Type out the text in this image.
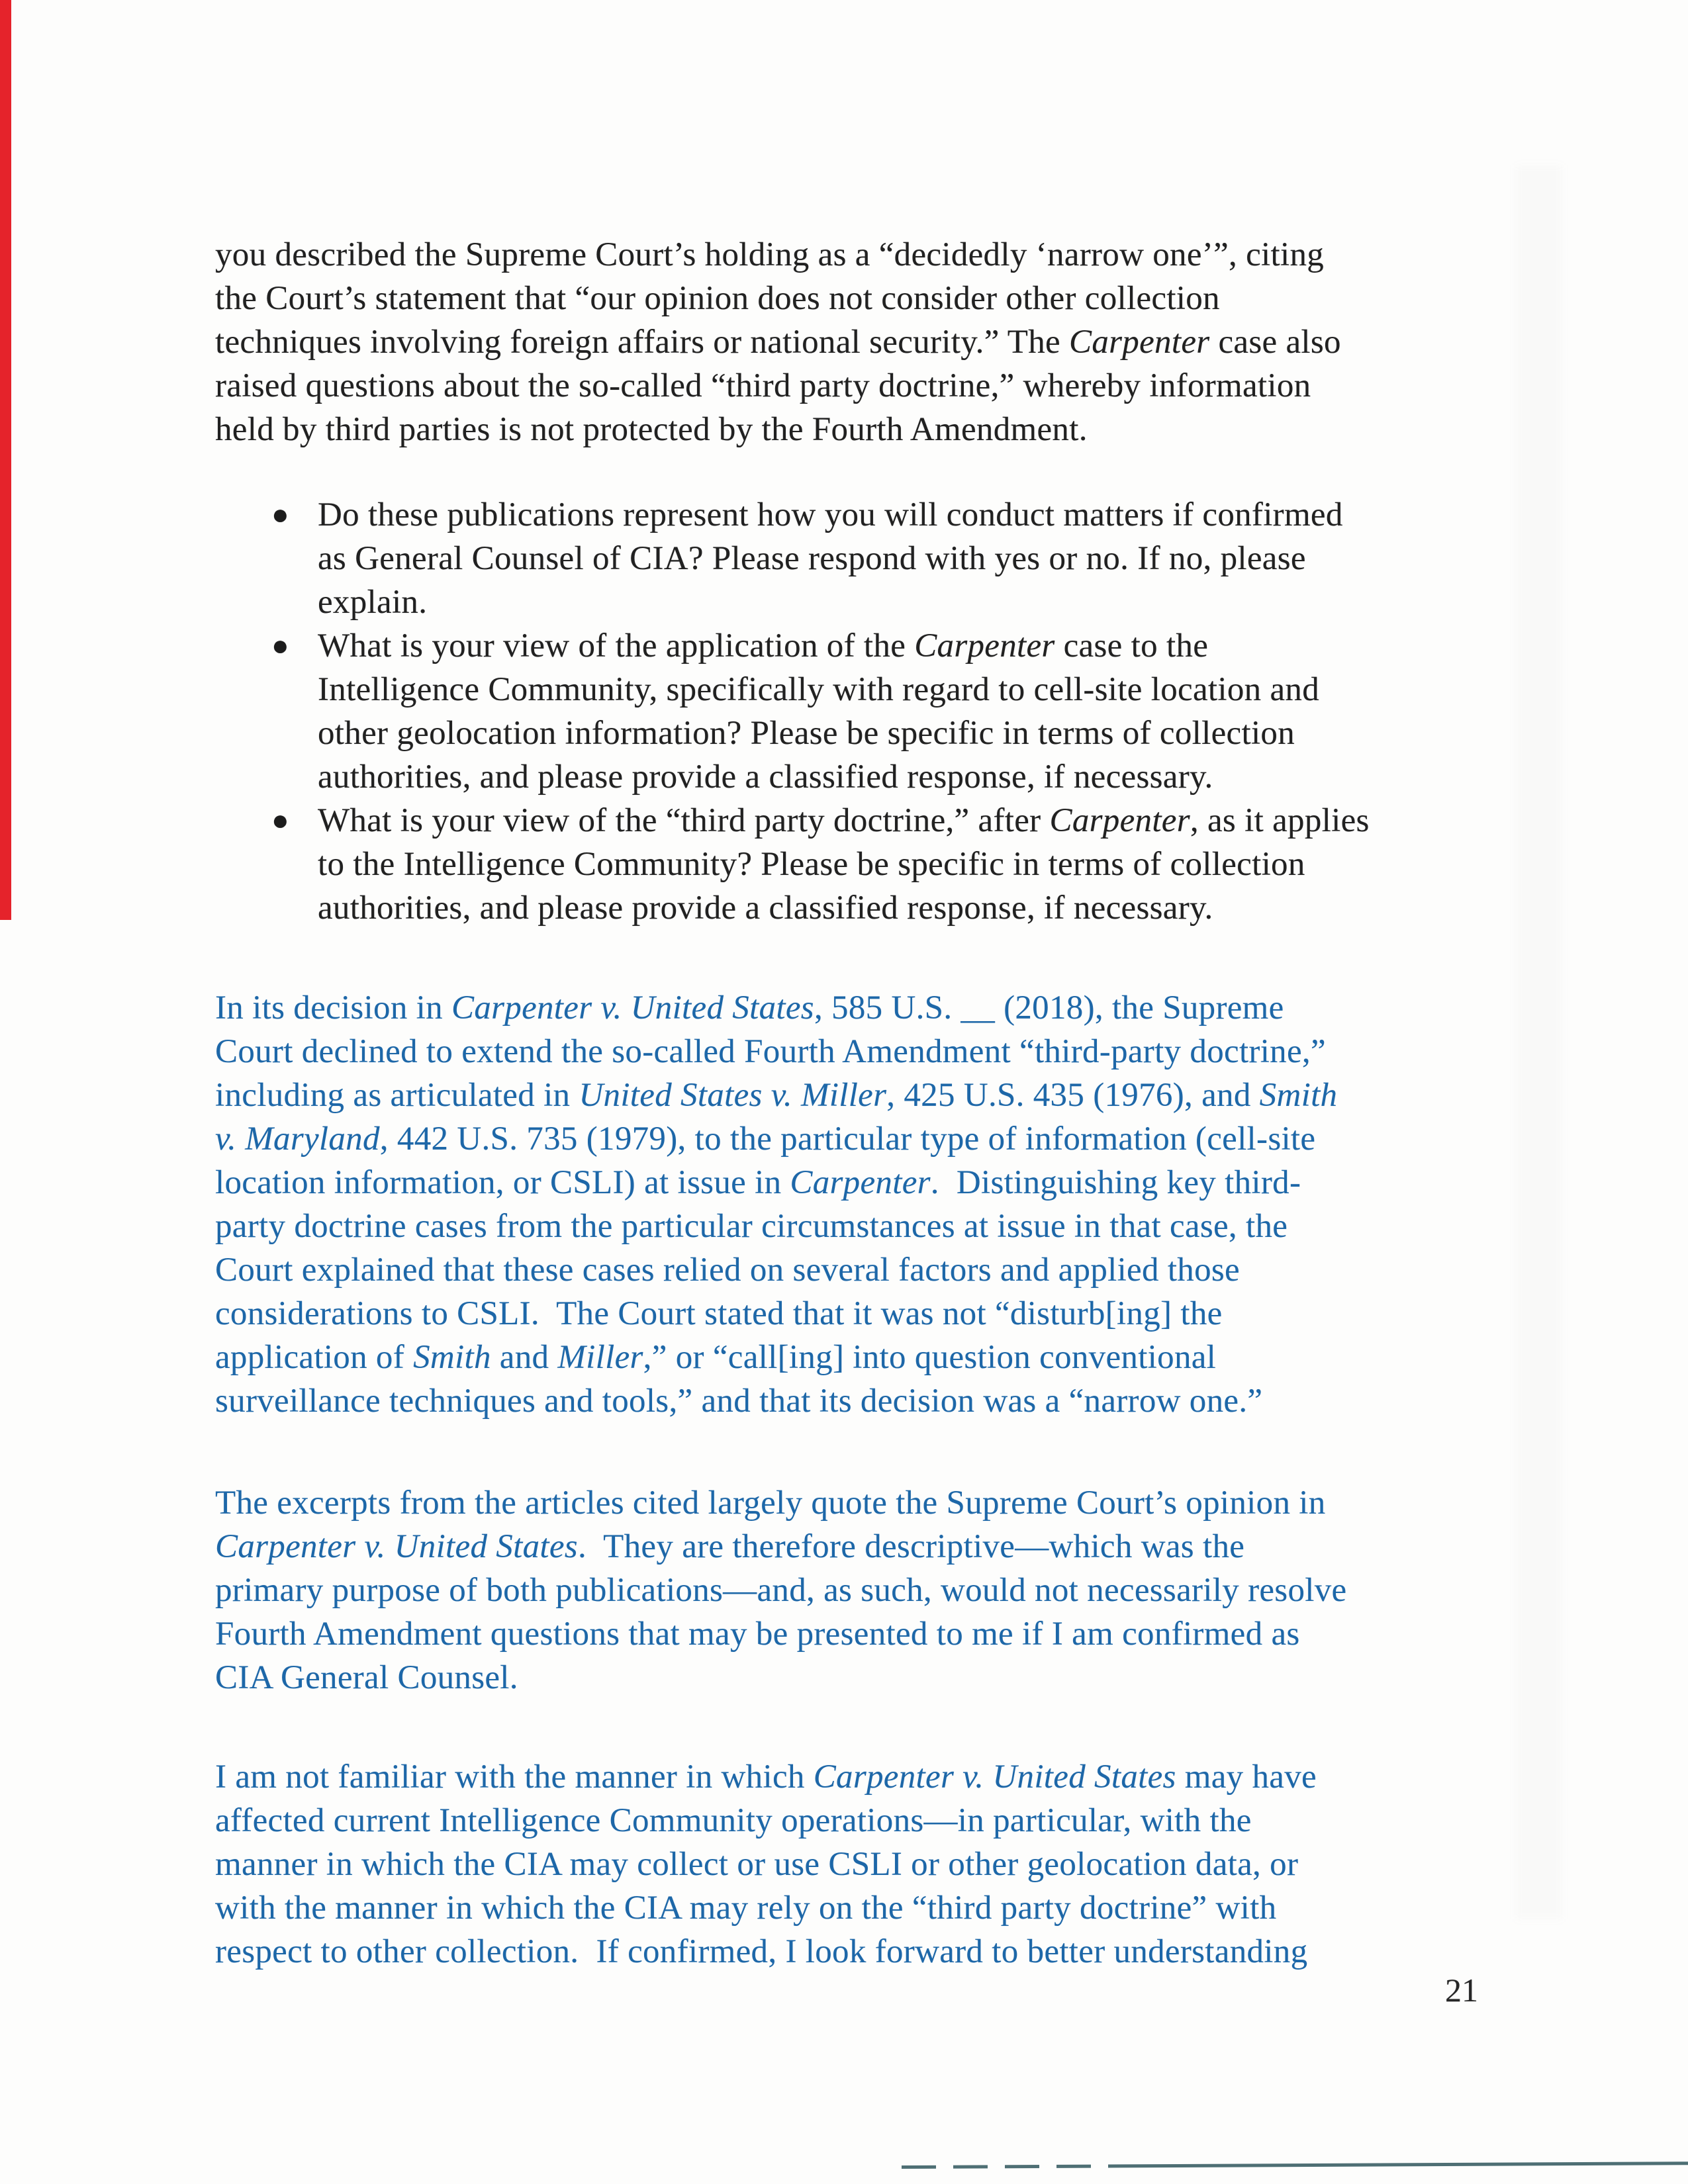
you described the Supreme Court’s holding as a “decidedly ‘narrow one’”, citing
the Court’s statement that “our opinion does not consider other collection
techniques involving foreign affairs or national security.” The Carpenter case also
raised questions about the so-called “third party doctrine,” whereby information
held by third parties is not protected by the Fourth Amendment.
● Do these publications represent how you will conduct matters if confirmed
as General Counsel of CIA? Please respond with yes or no. If no, please
explain.
● What is your view of the application of the Carpenter case to the
Intelligence Community, specifically with regard to cell-site location and
other geolocation information? Please be specific in terms of collection
authorities, and please provide a classified response, if necessary.
● What is your view of the “third party doctrine,” after Carpenter, as it applies
to the Intelligence Community? Please be specific in terms of collection
authorities, and please provide a classified response, if necessary.
In its decision in Carpenter v. United States, 585 U.S. __ (2018), the Supreme
Court declined to extend the so-called Fourth Amendment “third-party doctrine,”
including as articulated in United States v. Miller, 425 U.S. 435 (1976), and Smith
v. Maryland, 442 U.S. 735 (1979), to the particular type of information (cell-site
location information, or CSLI) at issue in Carpenter.  Distinguishing key third-
party doctrine cases from the particular circumstances at issue in that case, the
Court explained that these cases relied on several factors and applied those
considerations to CSLI.  The Court stated that it was not “disturb[ing] the
application of Smith and Miller,” or “call[ing] into question conventional
surveillance techniques and tools,” and that its decision was a “narrow one.”
The excerpts from the articles cited largely quote the Supreme Court’s opinion in
Carpenter v. United States.  They are therefore descriptive—which was the
primary purpose of both publications—and, as such, would not necessarily resolve
Fourth Amendment questions that may be presented to me if I am confirmed as
CIA General Counsel.
I am not familiar with the manner in which Carpenter v. United States may have
affected current Intelligence Community operations—in particular, with the
manner in which the CIA may collect or use CSLI or other geolocation data, or
with the manner in which the CIA may rely on the “third party doctrine” with
respect to other collection.  If confirmed, I look forward to better understanding
21
